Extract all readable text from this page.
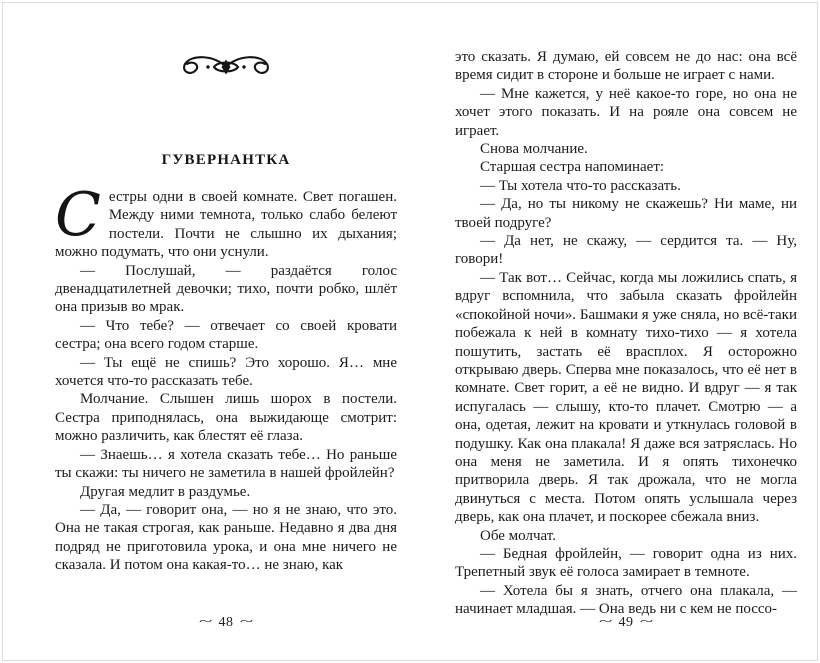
ГУВЕРНАНТКА

Сестры одни в своей комнате. Свет погашен. Между ними темнота, только слабо белеют постели. Почти не слышно их дыхания; можно подумать, что они уснули.

— Послушай, — раздаётся голос двенадцатилетней девочки; тихо, почти робко, шлёт она призыв во мрак.

— Что тебе? — отвечает со своей кровати сестра; она всего годом старше.

— Ты ещё не спишь? Это хорошо. Я… мне хочется что-то рассказать тебе.

Молчание. Слышен лишь шорох в постели. Сестра приподнялась, она выжидающе смотрит: можно различить, как блестят её глаза.

— Знаешь… я хотела сказать тебе… Но раньше ты скажи: ты ничего не заметила в нашей фройлейн?

Другая медлит в раздумье.

— Да, — говорит она, — но я не знаю, что это. Она не такая строгая, как раньше. Недавно я два дня подряд не приготовила урока, и она мне ничего не сказала. И потом она какая-то… не знаю, как

~ 48 ~

это сказать. Я думаю, ей совсем не до нас: она всё время сидит в стороне и больше не играет с нами.

— Мне кажется, у неё какое-то горе, но она не хочет этого показать. И на рояле она совсем не играет.

Снова молчание.

Старшая сестра напоминает:

— Ты хотела что-то рассказать.

— Да, но ты никому не скажешь? Ни маме, ни твоей подруге?

— Да нет, не скажу, — сердится та. — Ну, говори!

— Так вот… Сейчас, когда мы ложились спать, я вдруг вспомнила, что забыла сказать фройлейн «спокойной ночи». Башмаки я уже сняла, но всё-таки побежала к ней в комнату тихо-тихо — я хотела пошутить, застать её врасплох. Я осторожно открываю дверь. Сперва мне показалось, что её нет в комнате. Свет горит, а её не видно. И вдруг — я так испугалась — слышу, кто-то плачет. Смотрю — а она, одетая, лежит на кровати и уткнулась головой в подушку. Как она плакала! Я даже вся затряслась. Но она меня не заметила. И я опять тихонечко притворила дверь. Я так дрожала, что не могла двинуться с места. Потом опять услышала через дверь, как она плачет, и поскорее сбежала вниз.

Обе молчат.

— Бедная фройлейн, — говорит одна из них. Трепетный звук её голоса замирает в темноте.

— Хотела бы я знать, отчего она плакала, — начинает младшая. — Она ведь ни с кем не поссо-

~ 49 ~
